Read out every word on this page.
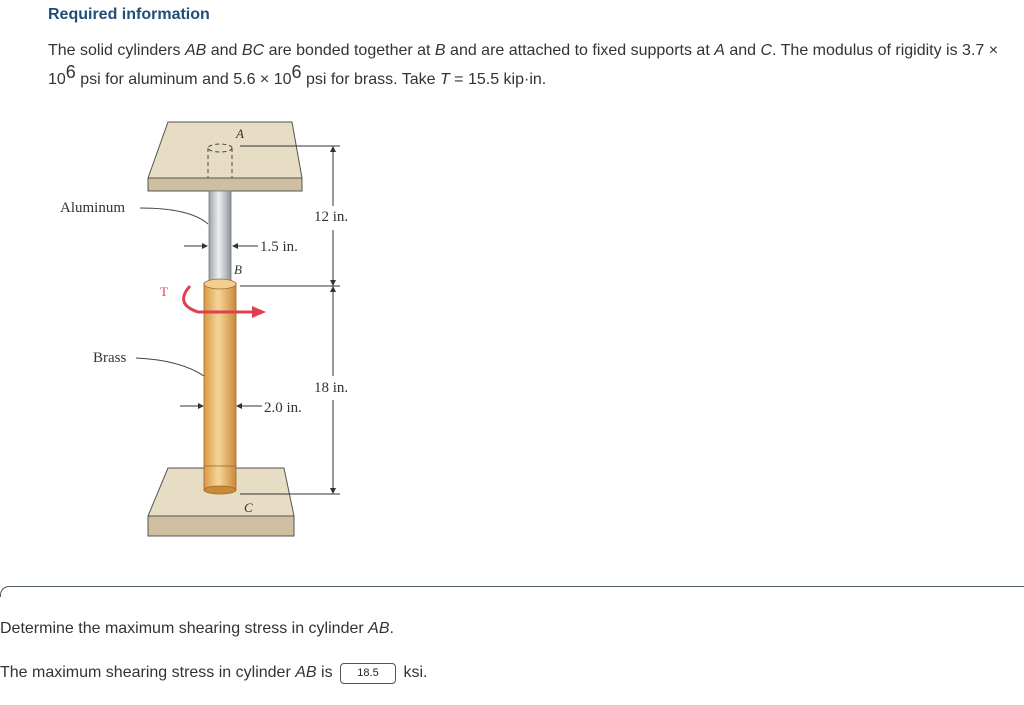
Required information
The solid cylinders AB and BC are bonded together at B and are attached to fixed supports at A and C. The modulus of rigidity is $3.7 \times 10^6$ psi for aluminum and $5.6 \times 10^6$ psi for brass. Take T = 15.5 kip·in.
A
B
C
T
Aluminum
Brass
12 in.
18 in.
1.5 in.
2.0 in.
Determine the maximum shearing stress in cylinder AB.
The maximum shearing stress in cylinder AB is 18.5 ksi.
